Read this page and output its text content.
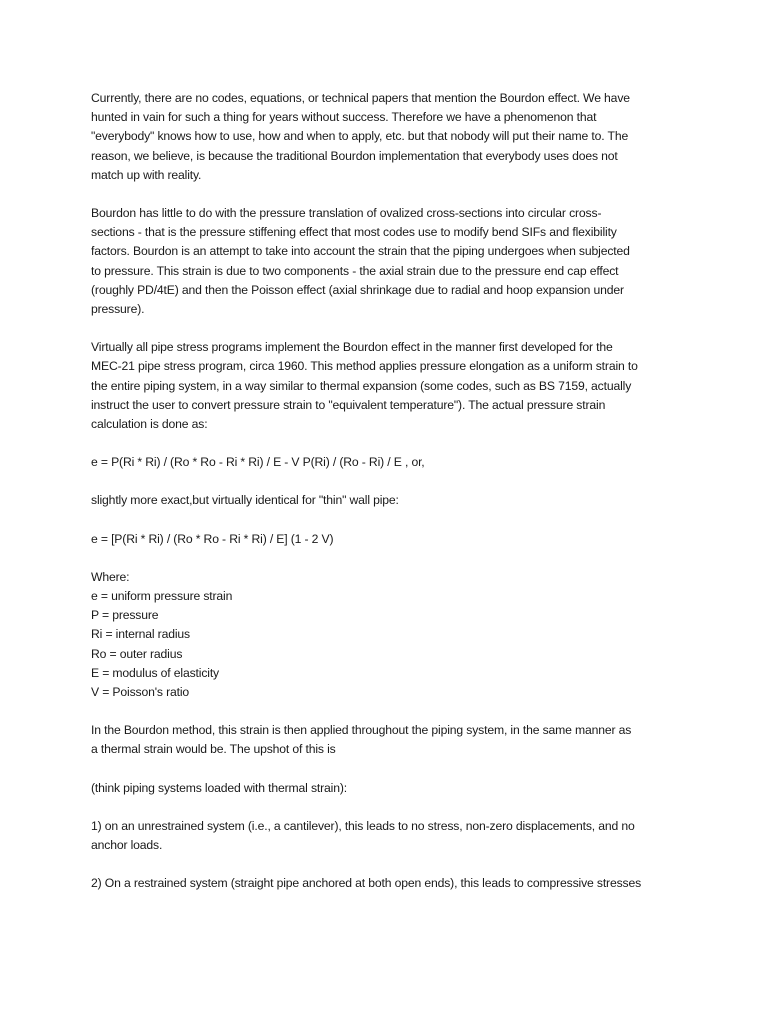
Currently, there are no codes, equations, or technical papers that mention the Bourdon effect. We have
hunted in vain for such a thing for years without success. Therefore we have a phenomenon that
"everybody" knows how to use, how and when to apply, etc. but that nobody will put their name to. The
reason, we believe, is because the traditional Bourdon implementation that everybody uses does not
match up with reality.
Bourdon has little to do with the pressure translation of ovalized cross-sections into circular cross-
sections - that is the pressure stiffening effect that most codes use to modify bend SIFs and flexibility
factors. Bourdon is an attempt to take into account the strain that the piping undergoes when subjected
to pressure. This strain is due to two components - the axial strain due to the pressure end cap effect
(roughly PD/4tE) and then the Poisson effect (axial shrinkage due to radial and hoop expansion under
pressure).
Virtually all pipe stress programs implement the Bourdon effect in the manner first developed for the
MEC-21 pipe stress program, circa 1960. This method applies pressure elongation as a uniform strain to
the entire piping system, in a way similar to thermal expansion (some codes, such as BS 7159, actually
instruct the user to convert pressure strain to "equivalent temperature"). The actual pressure strain
calculation is done as:
e = P(Ri * Ri) / (Ro * Ro - Ri * Ri) / E - V P(Ri) / (Ro - Ri) / E , or,
slightly more exact,but virtually identical for "thin" wall pipe:
e = [P(Ri * Ri) / (Ro * Ro - Ri * Ri) / E] (1 - 2 V)
Where:
e = uniform pressure strain
P = pressure
Ri = internal radius
Ro = outer radius
E = modulus of elasticity
V = Poisson's ratio
In the Bourdon method, this strain is then applied throughout the piping system, in the same manner as
a thermal strain would be. The upshot of this is
(think piping systems loaded with thermal strain):
1) on an unrestrained system (i.e., a cantilever), this leads to no stress, non-zero displacements, and no
anchor loads.
2) On a restrained system (straight pipe anchored at both open ends), this leads to compressive stresses
